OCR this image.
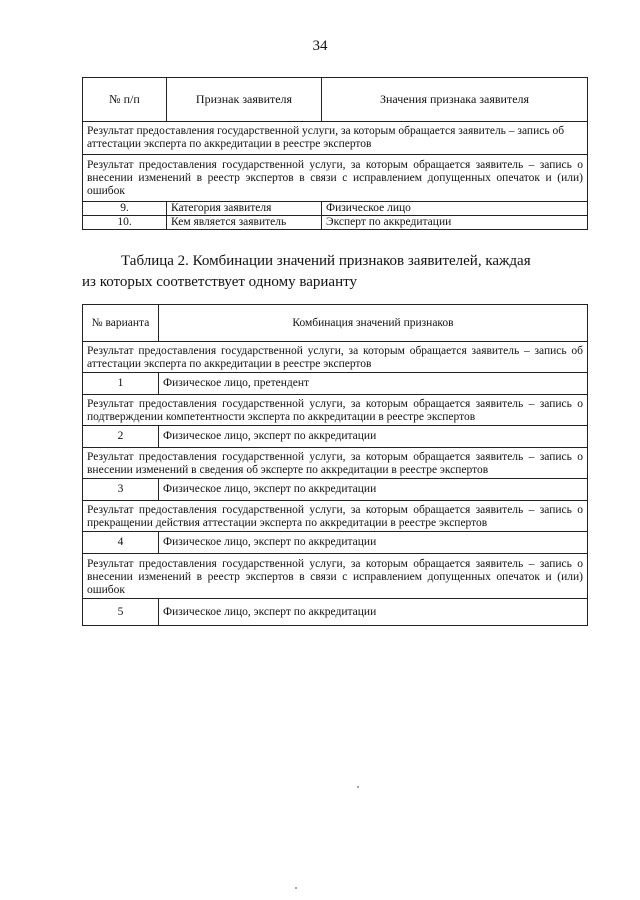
34
№ п/п	Признак заявителя	Значения признака заявителя
Результат предоставления государственной услуги, за которым обращается заявитель – запись об аттестации эксперта по аккредитации в реестре экспертов		
Результат предоставления государственной услуги, за которым обращается заявитель – запись о внесении изменений в реестр экспертов в связи с исправлением допущенных опечаток и (или) ошибок		
9.	Категория заявителя	Физическое лицо
10.	Кем является заявитель	Эксперт по аккредитации
Таблица 2. Комбинации значений признаков заявителей, каждая
из которых соответствует одному варианту
№ варианта	Комбинация значений признаков
Результат предоставления государственной услуги, за которым обращается заявитель – запись об аттестации эксперта по аккредитации в реестре экспертов	
1	Физическое лицо, претендент
Результат предоставления государственной услуги, за которым обращается заявитель – запись о подтверждении компетентности эксперта по аккредитации в реестре экспертов	
2	Физическое лицо, эксперт по аккредитации
Результат предоставления государственной услуги, за которым обращается заявитель – запись о внесении изменений в сведения об эксперте по аккредитации в реестре экспертов	
3	Физическое лицо, эксперт по аккредитации
Результат предоставления государственной услуги, за которым обращается заявитель – запись о прекращении действия аттестации эксперта по аккредитации в реестре экспертов	
4	Физическое лицо, эксперт по аккредитации
Результат предоставления государственной услуги, за которым обращается заявитель – запись о внесении изменений в реестр экспертов в связи с исправлением допущенных опечаток и (или) ошибок	
5	Физическое лицо, эксперт по аккредитации
